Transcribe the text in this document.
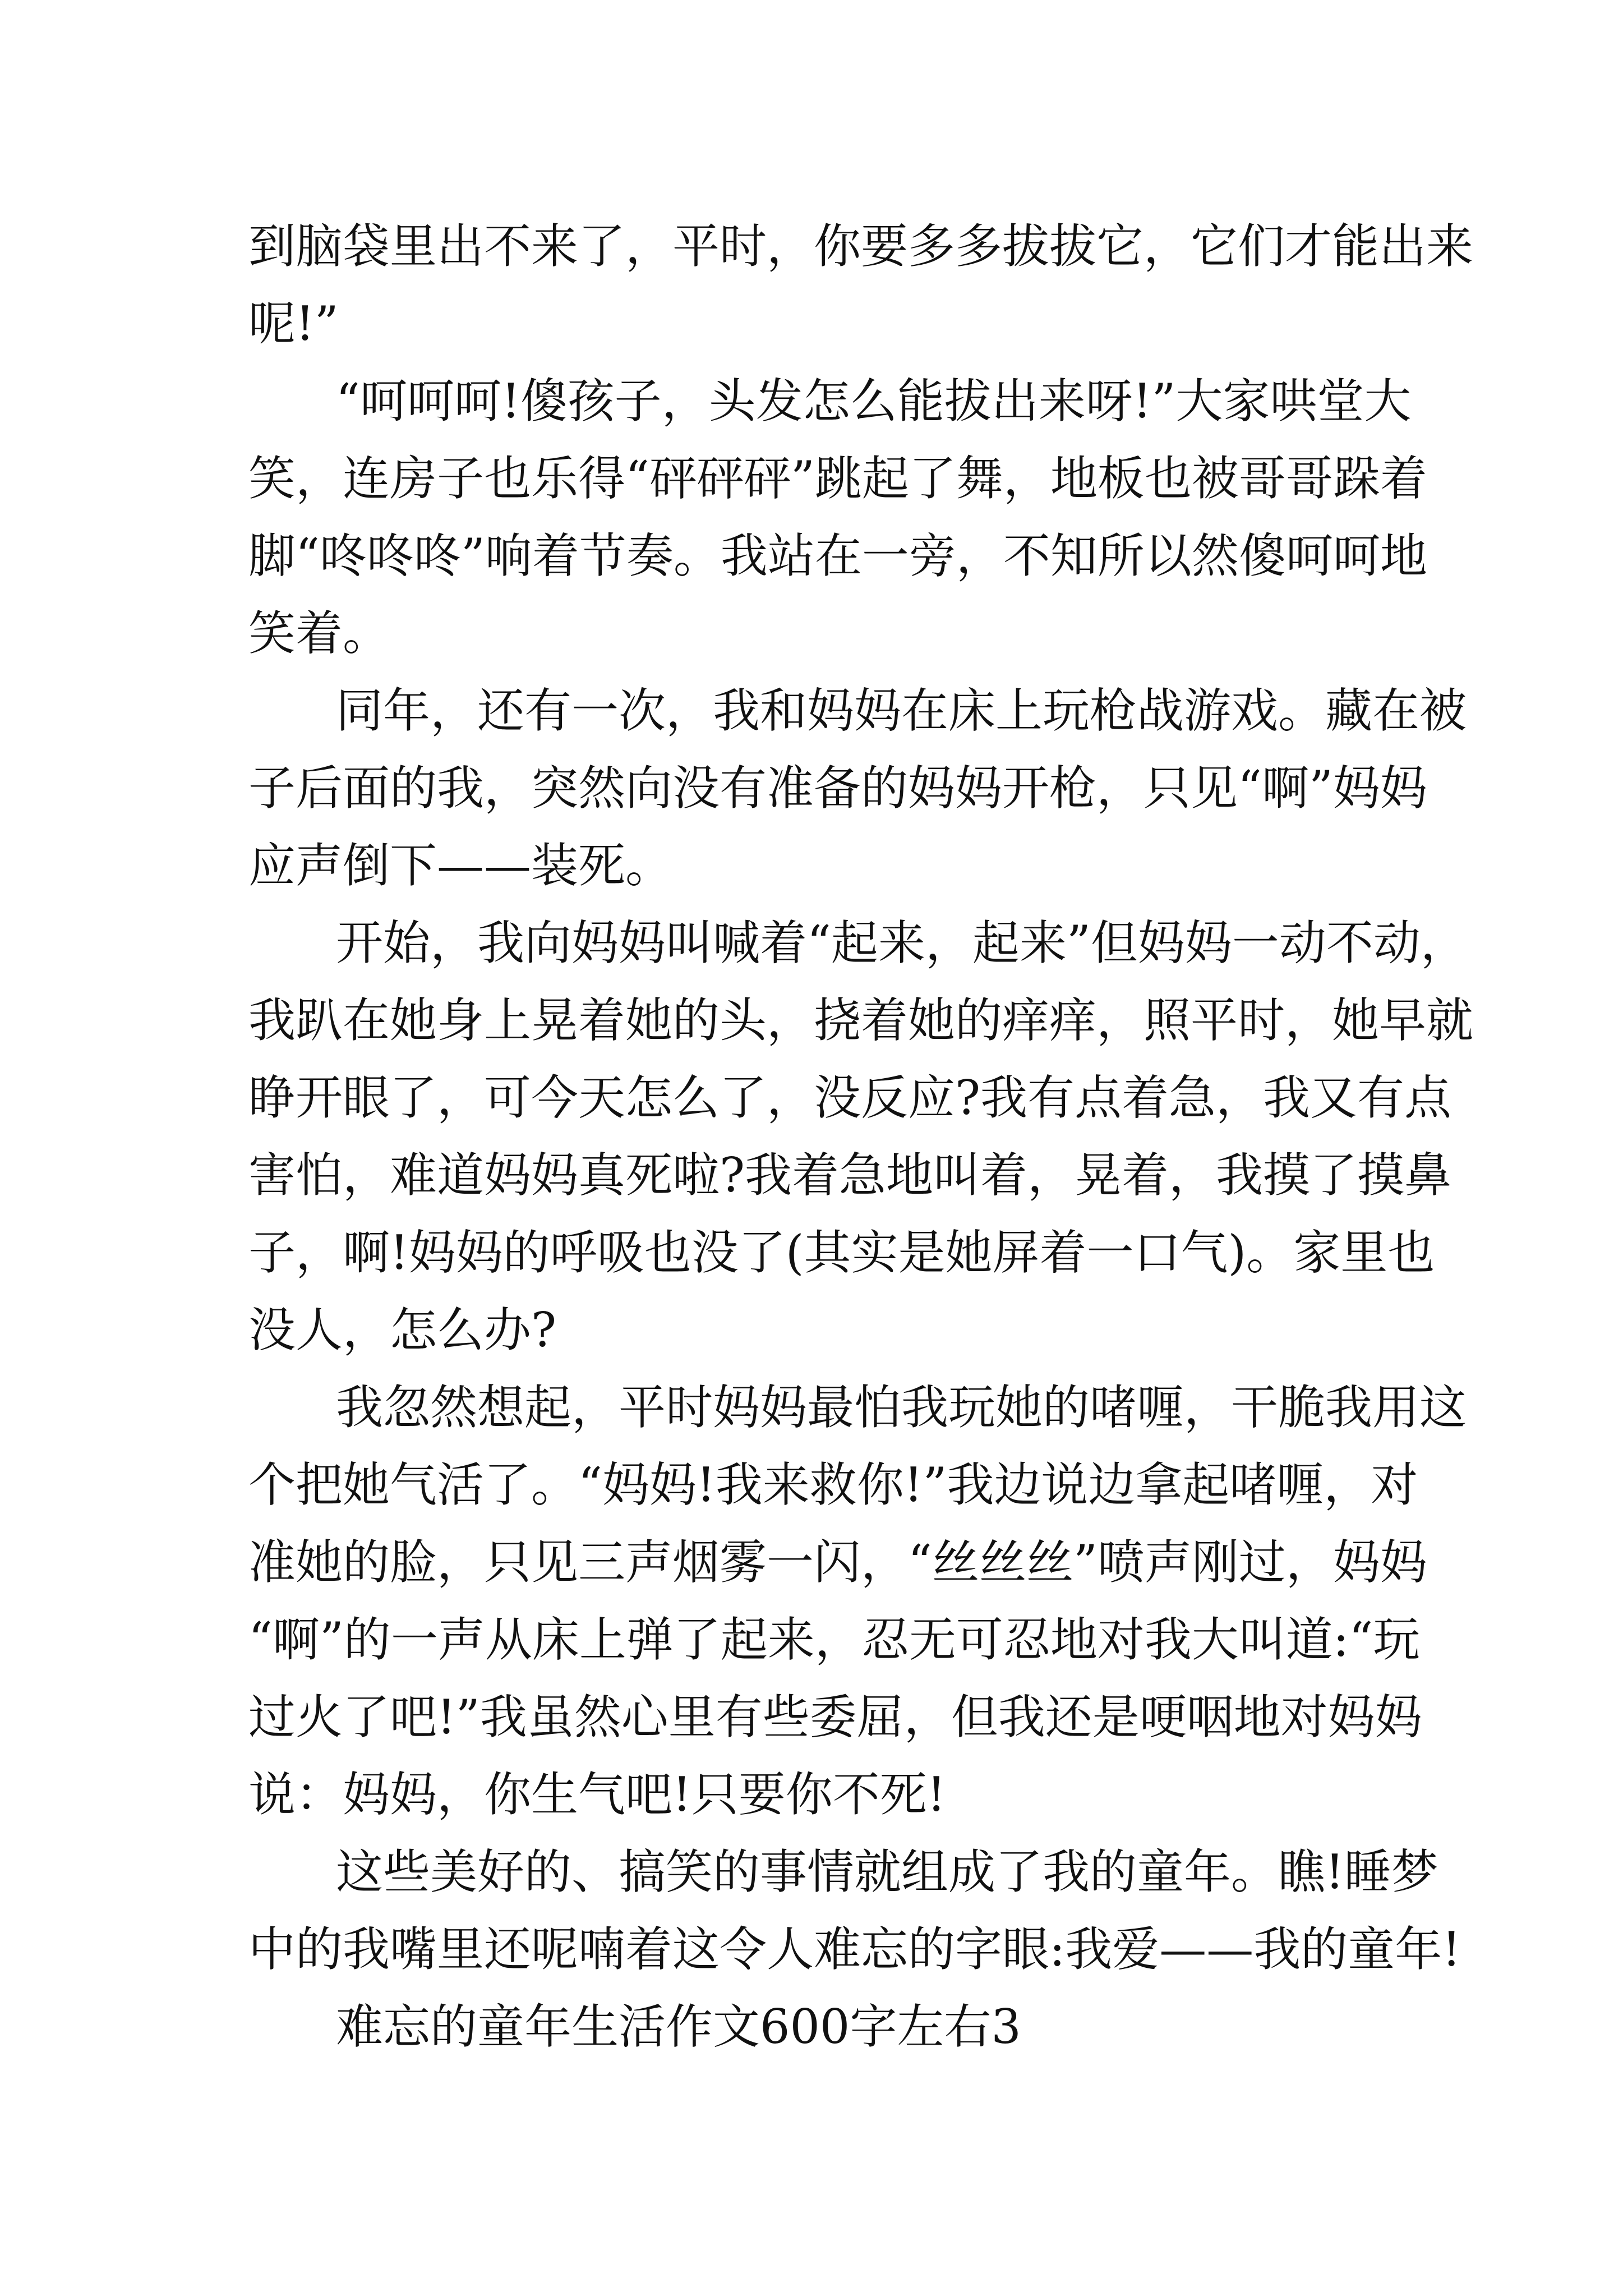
到脑袋里出不来了，平时，你要多多拔拔它，它们才能出来
呢!”
“呵呵呵!傻孩子，头发怎么能拔出来呀!”大家哄堂大
笑，连房子也乐得“砰砰砰”跳起了舞，地板也被哥哥跺着
脚“咚咚咚”响着节奏。我站在一旁，不知所以然傻呵呵地
笑着。
同年，还有一次，我和妈妈在床上玩枪战游戏。藏在被
子后面的我，突然向没有准备的妈妈开枪，只见“啊”妈妈
应声倒下——装死。
开始，我向妈妈叫喊着“起来，起来”但妈妈一动不动，
我趴在她身上晃着她的头，挠着她的痒痒，照平时，她早就
睁开眼了，可今天怎么了，没反应?我有点着急，我又有点
害怕，难道妈妈真死啦?我着急地叫着，晃着，我摸了摸鼻
子，啊!妈妈的呼吸也没了(其实是她屏着一口气)。家里也
没人，怎么办?
我忽然想起，平时妈妈最怕我玩她的啫喱，干脆我用这
个把她气活了。“妈妈!我来救你!”我边说边拿起啫喱，对
准她的脸，只见三声烟雾一闪，“丝丝丝”喷声刚过，妈妈
“啊”的一声从床上弹了起来，忍无可忍地对我大叫道:“玩
过火了吧!”我虽然心里有些委屈，但我还是哽咽地对妈妈
说：妈妈，你生气吧!只要你不死!
这些美好的、搞笑的事情就组成了我的童年。瞧!睡梦
中的我嘴里还呢喃着这令人难忘的字眼:我爱——我的童年!
难忘的童年生活作文600字左右3
